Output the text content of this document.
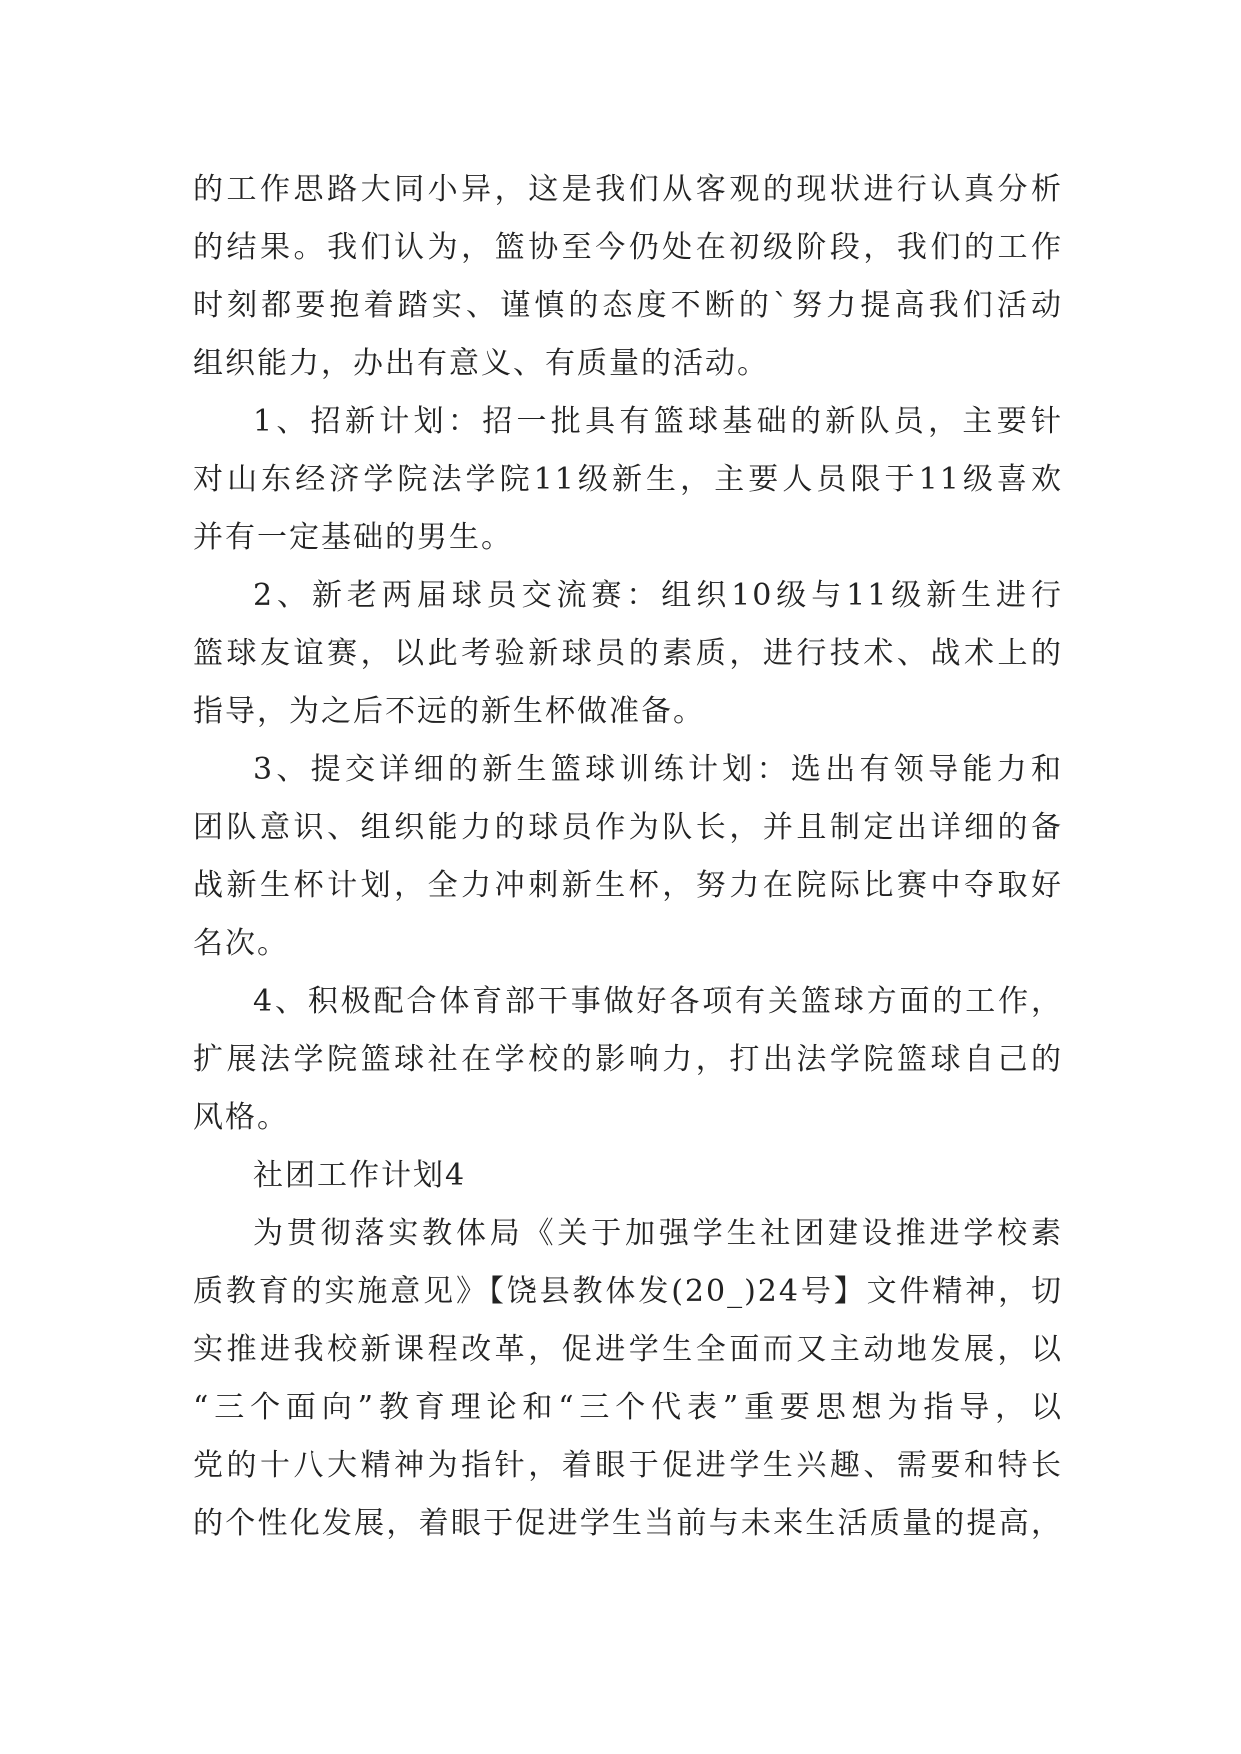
的工作思路大同小异，这是我们从客观的现状进行认真分析
的结果。我们认为，篮协至今仍处在初级阶段，我们的工作
时刻都要抱着踏实、谨慎的态度不断的`努力提高我们活动
组织能力，办出有意义、有质量的活动。
1、招新计划：招一批具有篮球基础的新队员，主要针
对山东经济学院法学院11级新生，主要人员限于11级喜欢
并有一定基础的男生。
2、新老两届球员交流赛：组织10级与11级新生进行
篮球友谊赛，以此考验新球员的素质，进行技术、战术上的
指导，为之后不远的新生杯做准备。
3、提交详细的新生篮球训练计划：选出有领导能力和
团队意识、组织能力的球员作为队长，并且制定出详细的备
战新生杯计划，全力冲刺新生杯，努力在院际比赛中夺取好
名次。
4、积极配合体育部干事做好各项有关篮球方面的工作，
扩展法学院篮球社在学校的影响力，打出法学院篮球自己的
风格。
社团工作计划4
为贯彻落实教体局《关于加强学生社团建设推进学校素
质教育的实施意见》【饶县教体发(20_)24号】文件精神，切
实推进我校新课程改革，促进学生全面而又主动地发展，以
“三个面向”教育理论和“三个代表”重要思想为指导，以
党的十八大精神为指针，着眼于促进学生兴趣、需要和特长
的个性化发展，着眼于促进学生当前与未来生活质量的提高，
